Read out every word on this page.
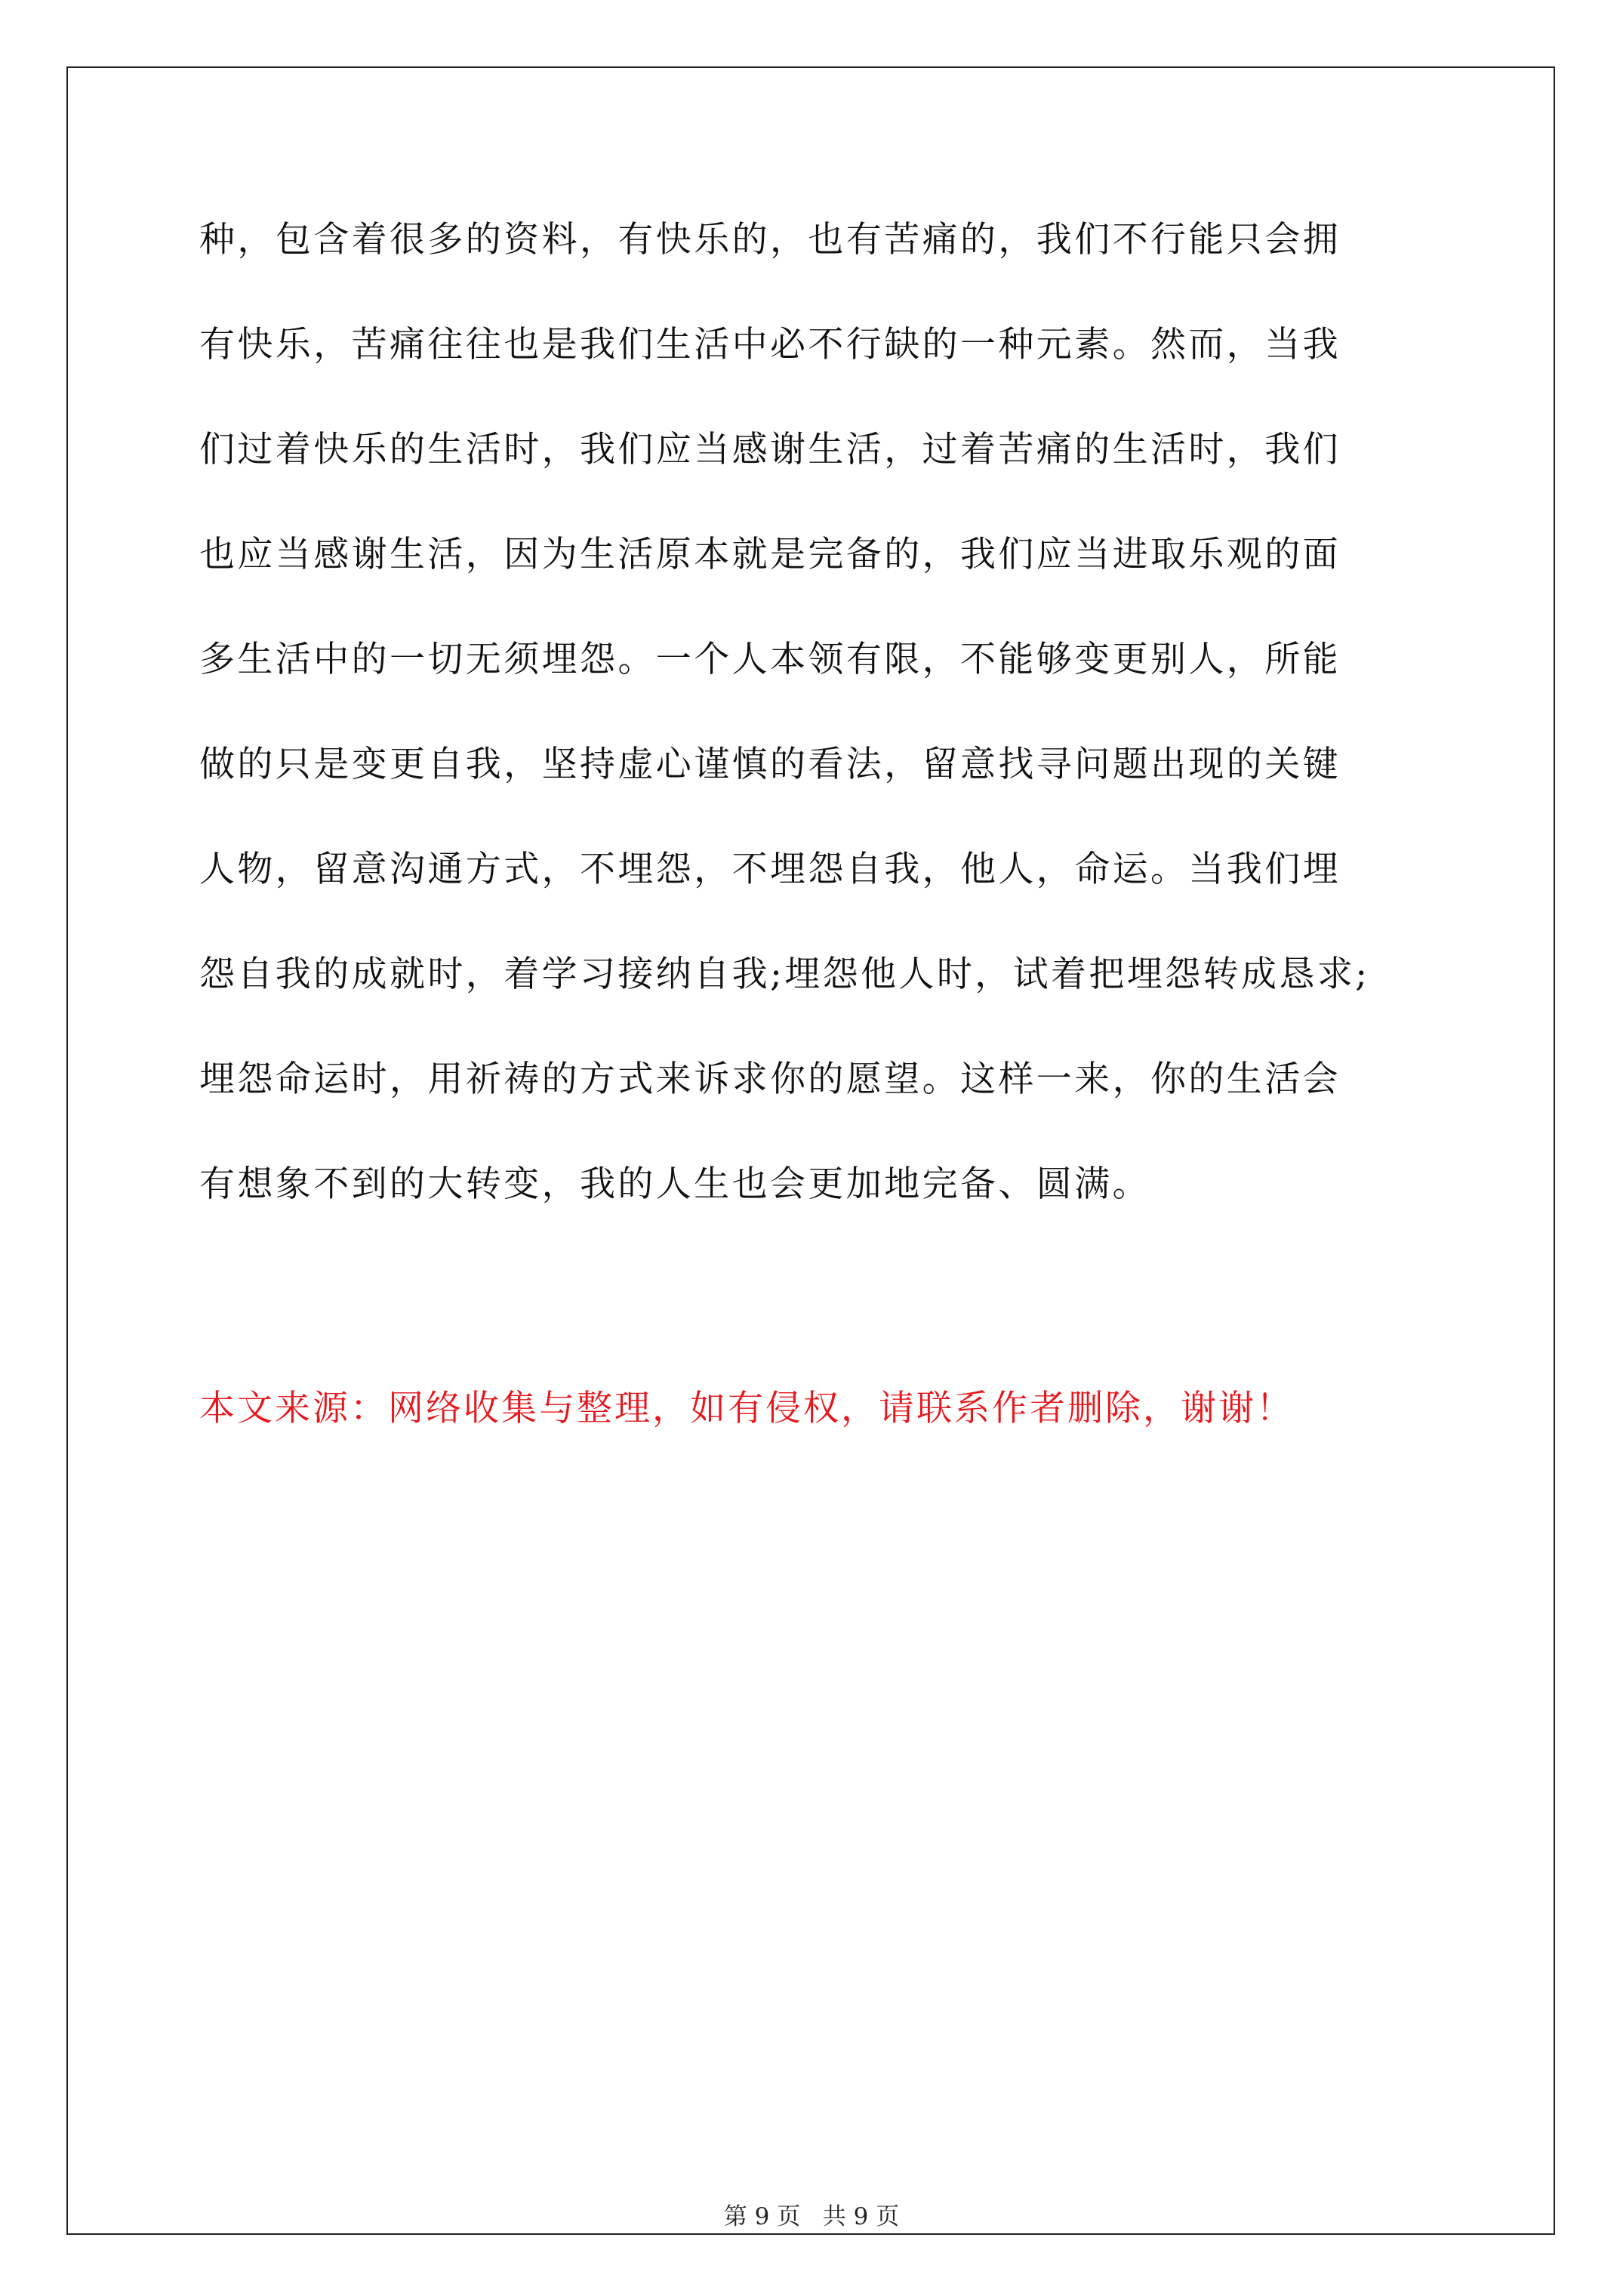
种，包含着很多的资料，有快乐的，也有苦痛的，我们不行能只会拥
有快乐，苦痛往往也是我们生活中必不行缺的一种元素。然而，当我
们过着快乐的生活时，我们应当感谢生活，过着苦痛的生活时，我们
也应当感谢生活，因为生活原本就是完备的，我们应当进取乐观的面
多生活中的一切无须埋怨。一个人本领有限，不能够变更别人，所能
做的只是变更自我，坚持虚心谨慎的看法，留意找寻问题出现的关键
人物，留意沟通方式，不埋怨，不埋怨自我，他人，命运。当我们埋
怨自我的成就时，着学习接纳自我;埋怨他人时，试着把埋怨转成恳求;
埋怨命运时，用祈祷的方式来诉求你的愿望。这样一来，你的生活会
有想象不到的大转变，我的人生也会更加地完备、圆满。
本文来源：网络收集与整理，如有侵权，请联系作者删除，谢谢！
第 9 页   共 9 页
